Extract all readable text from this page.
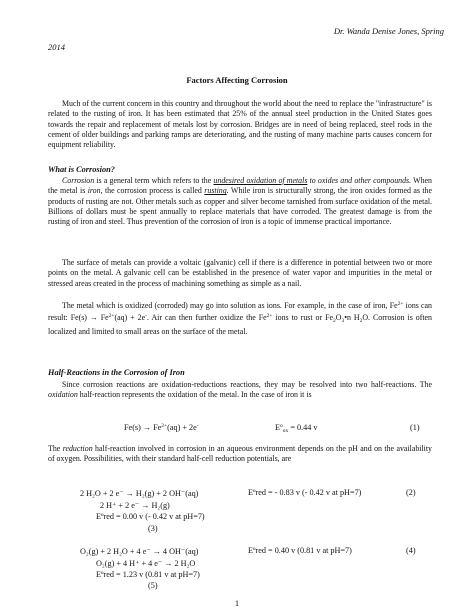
Dr. Wanda Denise Jones, Spring
2014
Factors Affecting Corrosion

Much of the current concern in this country and throughout the world about the need to replace the "infrastructure" is related to the rusting of iron. It has been estimated that 25% of the annual steel production in the United States goes towards the repair and replacement of metals lost by corrosion. Bridges are in need of being replaced, steel rods in the cement of older buildings and parking ramps are deteriorating, and the rusting of many machine parts causes concern for equipment reliability.

What is Corrosion?

Corrosion is a general term which refers to the undesired oxidation of metals to oxides and other compounds. When the metal is iron, the corrosion process is called rusting. While iron is structurally strong, the iron oxides formed as the products of rusting are not. Other metals such as copper and silver become tarnished from surface oxidation of the metal. Billions of dollars must be spent annually to replace materials that have corroded. The greatest damage is from the rusting of iron and steel. Thus prevention of the corrosion of iron is a topic of immense practical importance.

The surface of metals can provide a voltaic (galvanic) cell if there is a difference in potential between two or more points on the metal. A galvanic cell can be established in the presence of water vapor and impurities in the metal or stressed areas created in the process of machining something as simple as a nail.

The metal which is oxidized (corroded) may go into solution as ions. For example, in the case of iron, $Fe^{2+}$ ions can result: $Fe(s) \to Fe^{2+}(aq) + 2e^-$. Air can then further oxidize the $Fe^{2+}$ ions to rust or $Fe_2O_3•n$ $H_2O$. Corrosion is often localized and limited to small areas on the surface of the metal.

Half-Reactions in the Corrosion of Iron

Since corrosion reactions are oxidation-reductions reactions, they may be resolved into two half-reactions. The oxidation half-reaction represents the oxidation of the metal. In the case of iron it is

$Fe(s) \to Fe^{2+}(aq) + 2e^-$	$E^o_{ox} = 0.44$ v	(1)

The reduction half-reaction involved in corrosion in an aqueous environment depends on the pH and on the availability of oxygen. Possibilities, with their standard half-cell reduction potentials, are

2 H₂O + 2 e⁻ → H₂(g) + 2 OH⁻(aq)	Eºred = - 0.83 v (- 0.42 v at pH=7)	(2)
2 H⁺ + 2 e⁻ → H₂(g)
Eºred = 0.00 v (- 0.42 v at pH=7)
(3)
O₂(g) + 2 H₂O + 4 e⁻ → 4 OH⁻(aq)	Eºred = 0.40 v (0.81 v at pH=7)	(4)
O₂(g) + 4 H⁺ + 4 e⁻ → 2 H₂O
Eºred = 1.23 v (0.81 v at pH=7)
(5)
1
